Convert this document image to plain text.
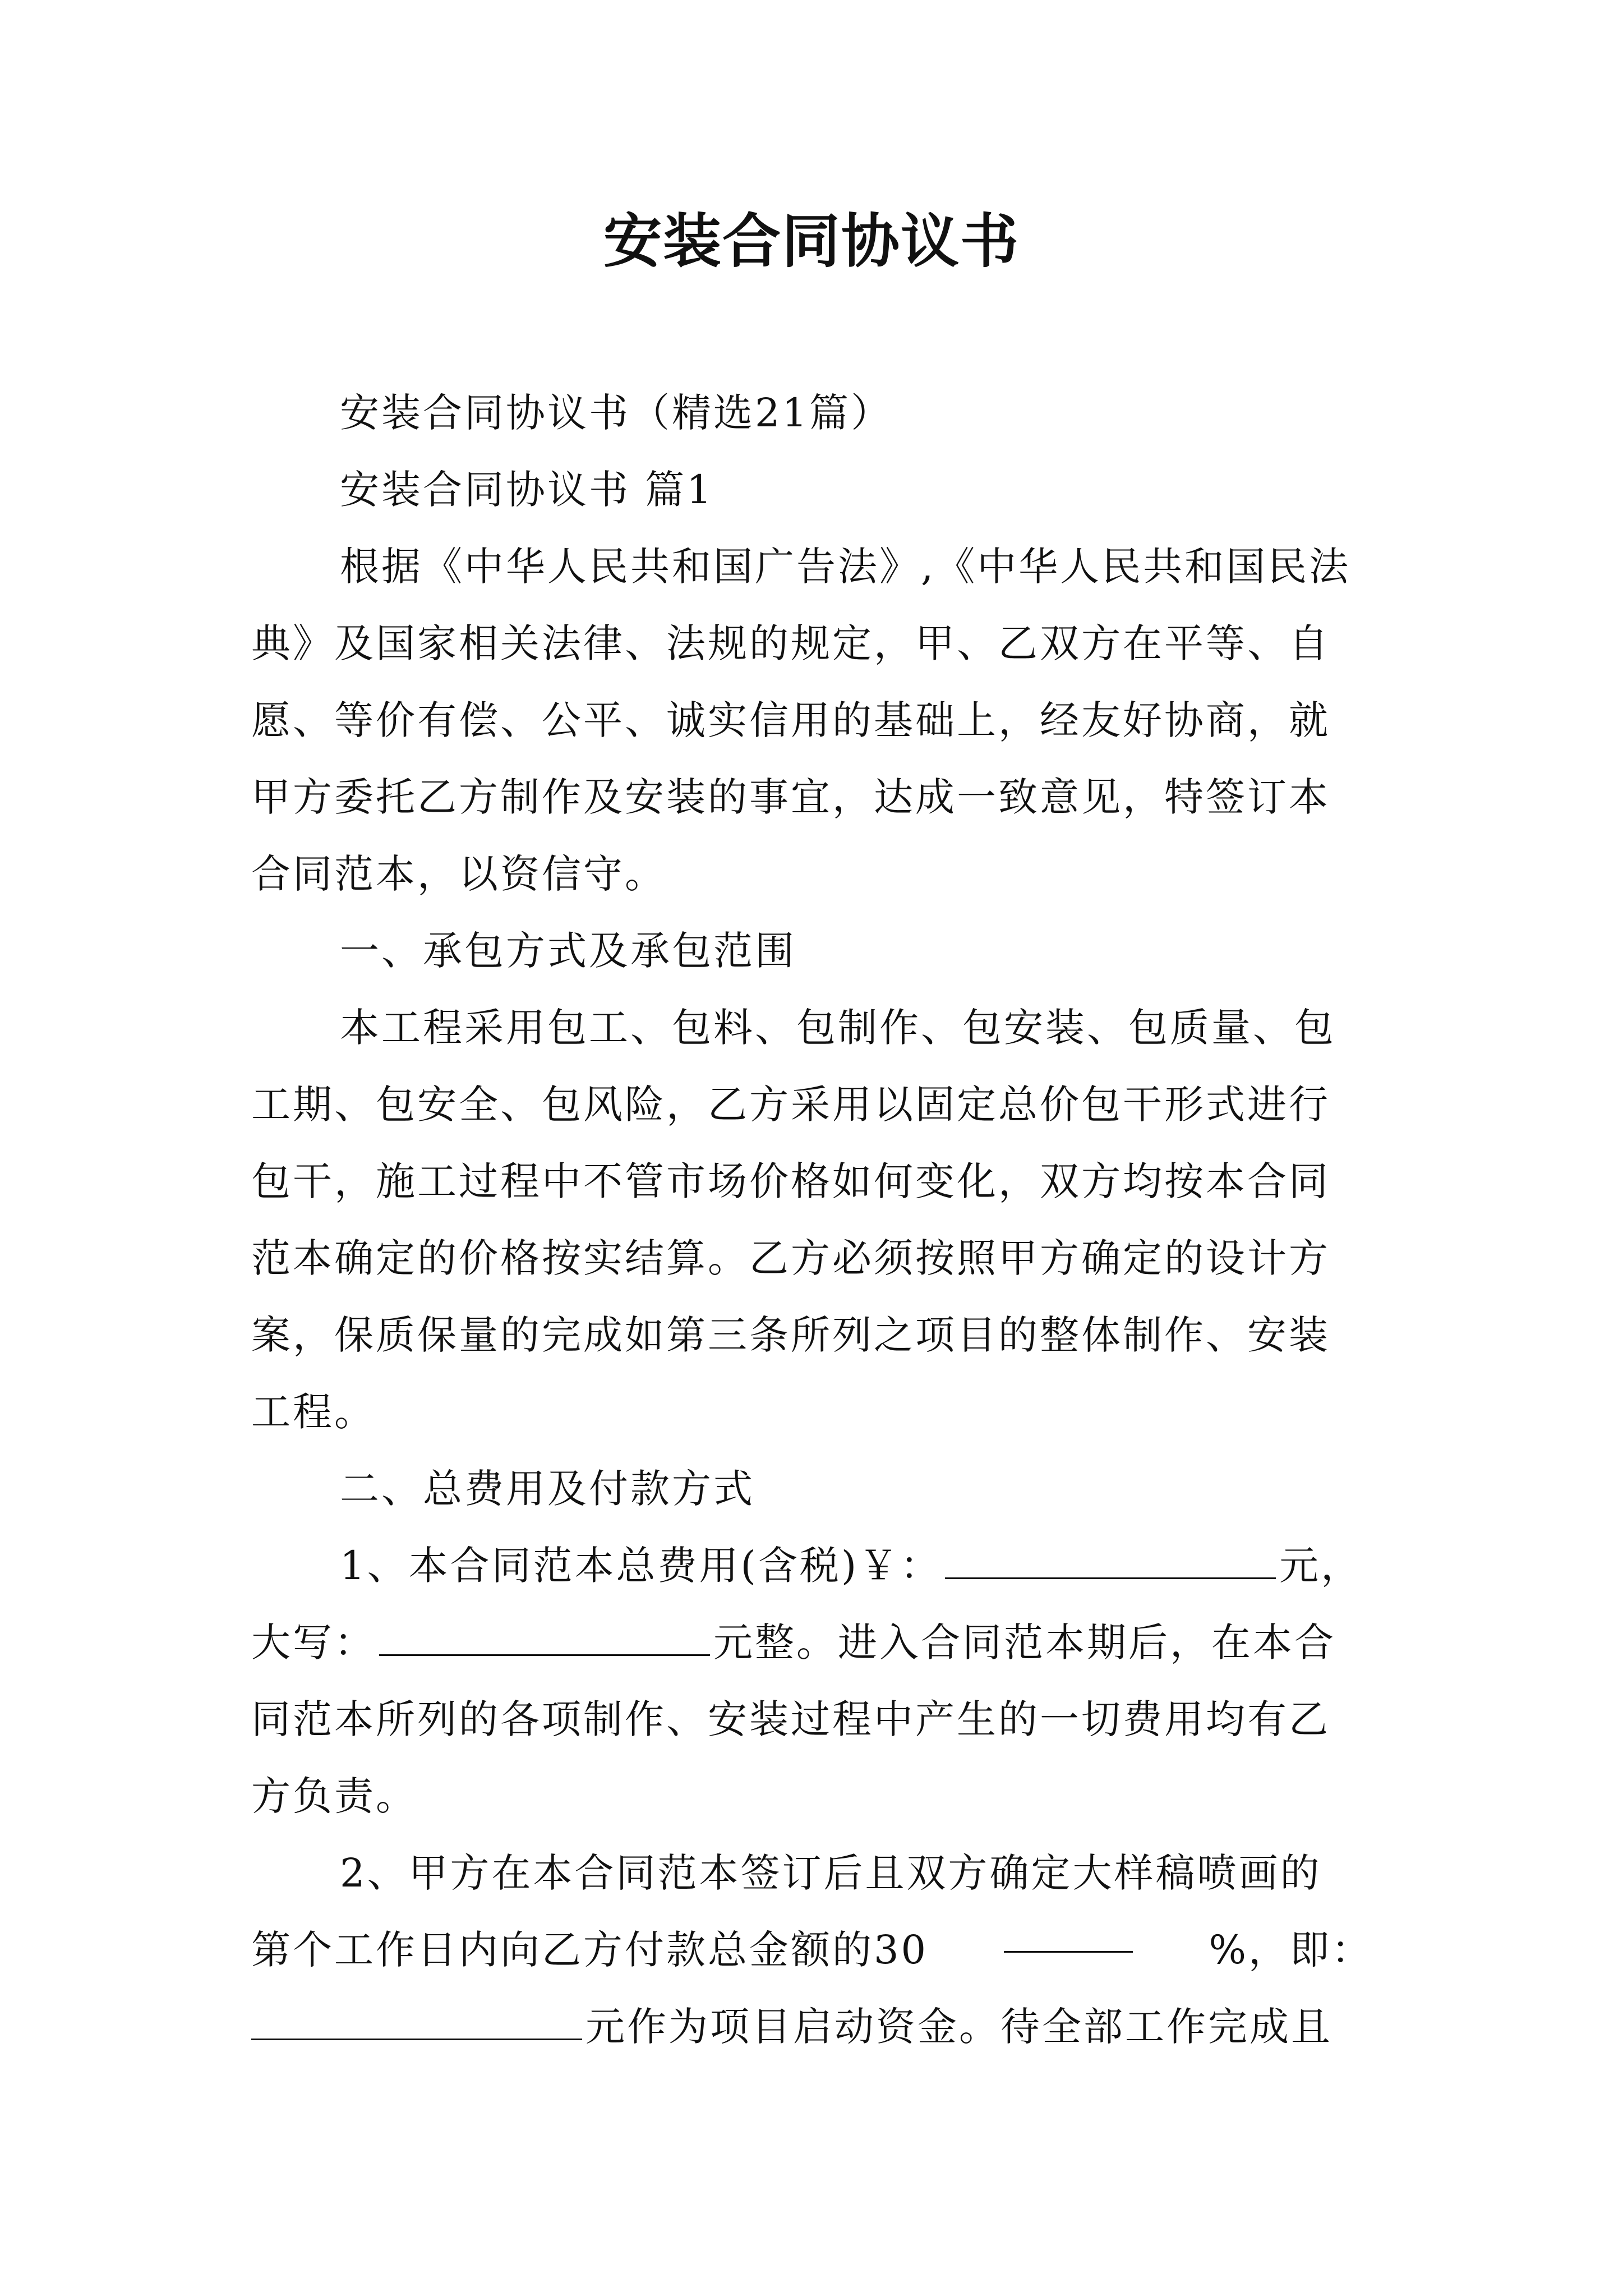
安装合同协议书
安装合同协议书（精选21篇）
安装合同协议书 篇1
根据《中华人民共和国广告法》,《中华人民共和国民法
典》及国家相关法律、法规的规定，甲、乙双方在平等、自
愿、等价有偿、公平、诚实信用的基础上，经友好协商，就
甲方委托乙方制作及安装的事宜，达成一致意见，特签订本
合同范本，以资信守。
一、承包方式及承包范围
本工程采用包工、包料、包制作、包安装、包质量、包
工期、包安全、包风险，乙方采用以固定总价包干形式进行
包干，施工过程中不管市场价格如何变化，双方均按本合同
范本确定的价格按实结算。乙方必须按照甲方确定的设计方
案，保质保量的完成如第三条所列之项目的整体制作、安装
工程。
二、总费用及付款方式
1、本合同范本总费用(含税)￥：	元，
大写：	元整。进入合同范本期后，在本合
同范本所列的各项制作、安装过程中产生的一切费用均有乙
方负责。
2、甲方在本合同范本签订后且双方确定大样稿喷画的
第个工作日内向乙方付款总金额的30	%，即：
元作为项目启动资金。待全部工作完成且
